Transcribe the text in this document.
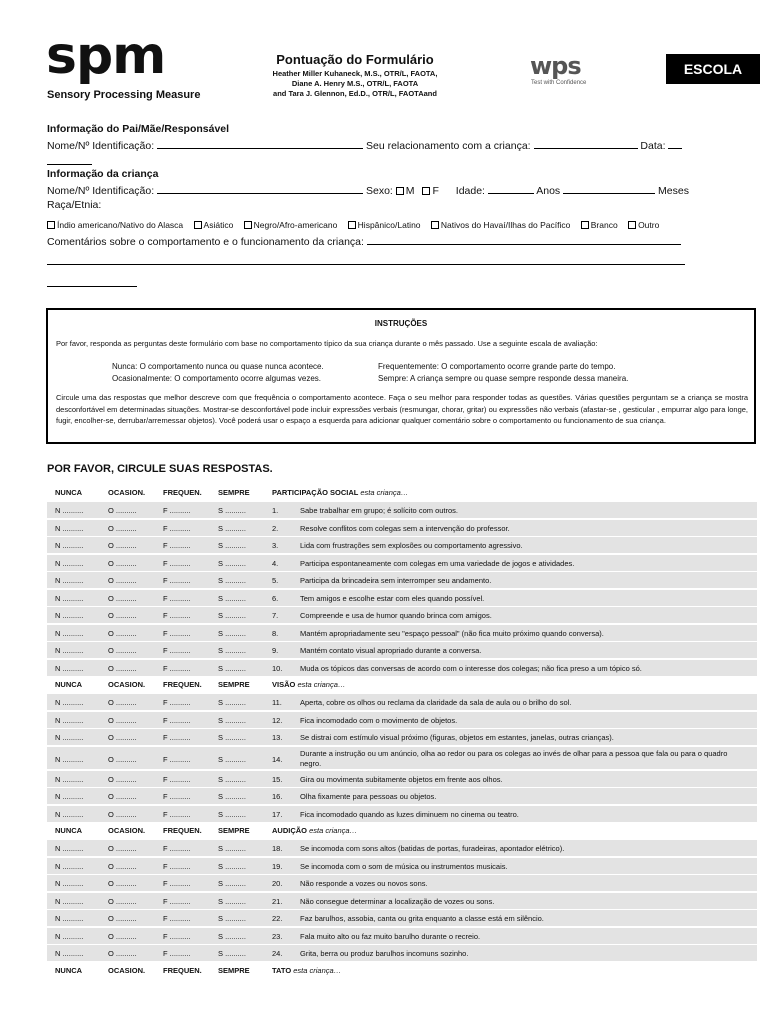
spm
Sensory Processing Measure
Pontuação do Formulário
Heather Miller Kuhaneck, M.S., OTR/L, FAOTA,
Diane A. Henry M.S., OTR/L, FAOTA
and Tara J. Glennon, Ed.D., OTR/L, FAOTAand
wps
Test with Confidence
ESCOLA
Informação do Pai/Mãe/Responsável
Nome/Nº Identificação:	Seu relacionamento com a criança:	Data:
Informação da criança
Nome/Nº Identificação:	Sexo: M F Idade:	Anos	Meses
Raça/Etnia:
Índio americano/Nativo do Alasca Asiático Negro/Afro-americano Hispânico/Latino Nativos do Havaí/Ilhas do Pacífico Branco Outro
Comentários sobre o comportamento e o funcionamento da criança:
INSTRUÇÕES
Por favor, responda as perguntas deste formulário com base no comportamento típico da sua criança durante o mês passado. Use a seguinte escala de avaliação:
Nunca: O comportamento nunca ou quase nunca acontece.	Frequentemente: O comportamento ocorre grande parte do tempo.
Ocasionalmente: O comportamento ocorre algumas vezes.	Sempre: A criança sempre ou quase sempre responde dessa maneira.
Circule uma das respostas que melhor descreve com que frequência o comportamento acontece. Faça o seu melhor para responder todas as questões. Várias questões perguntam se a criança se mostra desconfortável em determinadas situações. Mostrar-se desconfortável pode incluir expressões verbais (resmungar, chorar, gritar) ou expressões não verbais (afastar-se , gesticular , empurrar algo para longe, fugir, encolher-se, derrubar/arremessar objetos). Você poderá usar o espaço a esquerda para adicionar qualquer comentário sobre o comportamento ou funcionamento de sua criança.
POR FAVOR, CIRCULE SUAS RESPOSTAS.
NUNCA	OCASION. FREQUEN. SEMPRE	PARTICIPAÇÃO SOCIAL esta criança…
N ..........	O ..........	F ..........	S ..........	1.	Sabe trabalhar em grupo; é solícito com outros.
N ..........	O ..........	F ..........	S ..........	2.	Resolve conflitos com colegas sem a intervenção do professor.
N ..........	O ..........	F ..........	S ..........	3.	Lida com frustrações sem explosões ou comportamento agressivo.
N ..........	O ..........	F ..........	S ..........	4.	Participa espontaneamente com colegas em uma variedade de jogos e atividades.
N ..........	O ..........	F ..........	S ..........	5.	Participa da brincadeira sem interromper seu andamento.
N ..........	O ..........	F ..........	S ..........	6.	Tem amigos e escolhe estar com eles quando possível.
N ..........	O ..........	F ..........	S ..........	7.	Compreende e usa de humor quando brinca com amigos.
N ..........	O ..........	F ..........	S ..........	8.	Mantém apropriadamente seu "espaço pessoal" (não fica muito próximo quando conversa).
N ..........	O ..........	F ..........	S ..........	9.	Mantém contato visual apropriado durante a conversa.
N ..........	O ..........	F ..........	S ..........	10.	Muda os tópicos das conversas de acordo com o interesse dos colegas; não fica preso a um tópico só.
NUNCA	OCASION. FREQUEN. SEMPRE	VISÃO esta criança…
N ..........	O ..........	F ..........	S ..........	11.	Aperta, cobre os olhos ou reclama da claridade da sala de aula ou o brilho do sol.
N ..........	O ..........	F ..........	S ..........	12.	Fica incomodado com o movimento de objetos.
N ..........	O ..........	F ..........	S ..........	13.	Se distrai com estímulo visual próximo (figuras, objetos em estantes, janelas, outras crianças).
N ..........	O ..........	F ..........	S ..........	14.
Durante a instrução ou um anúncio, olha ao redor ou para os colegas ao invés de olhar para a pessoa que fala ou para o quadro negro.
N ..........	O ..........	F ..........	S ..........	15.	Gira ou movimenta subitamente objetos em frente aos olhos.
N ..........	O ..........	F ..........	S ..........	16.	Olha fixamente para pessoas ou objetos.
N ..........	O ..........	F ..........	S ..........	17.	Fica incomodado quando as luzes diminuem no cinema ou teatro.
NUNCA	OCASION. FREQUEN. SEMPRE	AUDIÇÃO esta criança…
N ..........	O ..........	F ..........	S ..........	18.	Se incomoda com sons altos (batidas de portas, furadeiras, apontador elétrico).
N ..........	O ..........	F ..........	S ..........	19.	Se incomoda com o som de música ou instrumentos musicais.
N ..........	O ..........	F ..........	S ..........	20.	Não responde a vozes ou novos sons.
N ..........	O ..........	F ..........	S ..........	21.	Não consegue determinar a localização de vozes ou sons.
N ..........	O ..........	F ..........	S ..........	22.	Faz barulhos, assobia, canta ou grita enquanto a classe está em silêncio.
N ..........	O ..........	F ..........	S ..........	23.	Fala muito alto ou faz muito barulho durante o recreio.
N ..........	O ..........	F ..........	S ..........	24.	Grita, berra ou produz barulhos incomuns sozinho.
NUNCA	OCASION. FREQUEN. SEMPRE	TATO esta criança…
